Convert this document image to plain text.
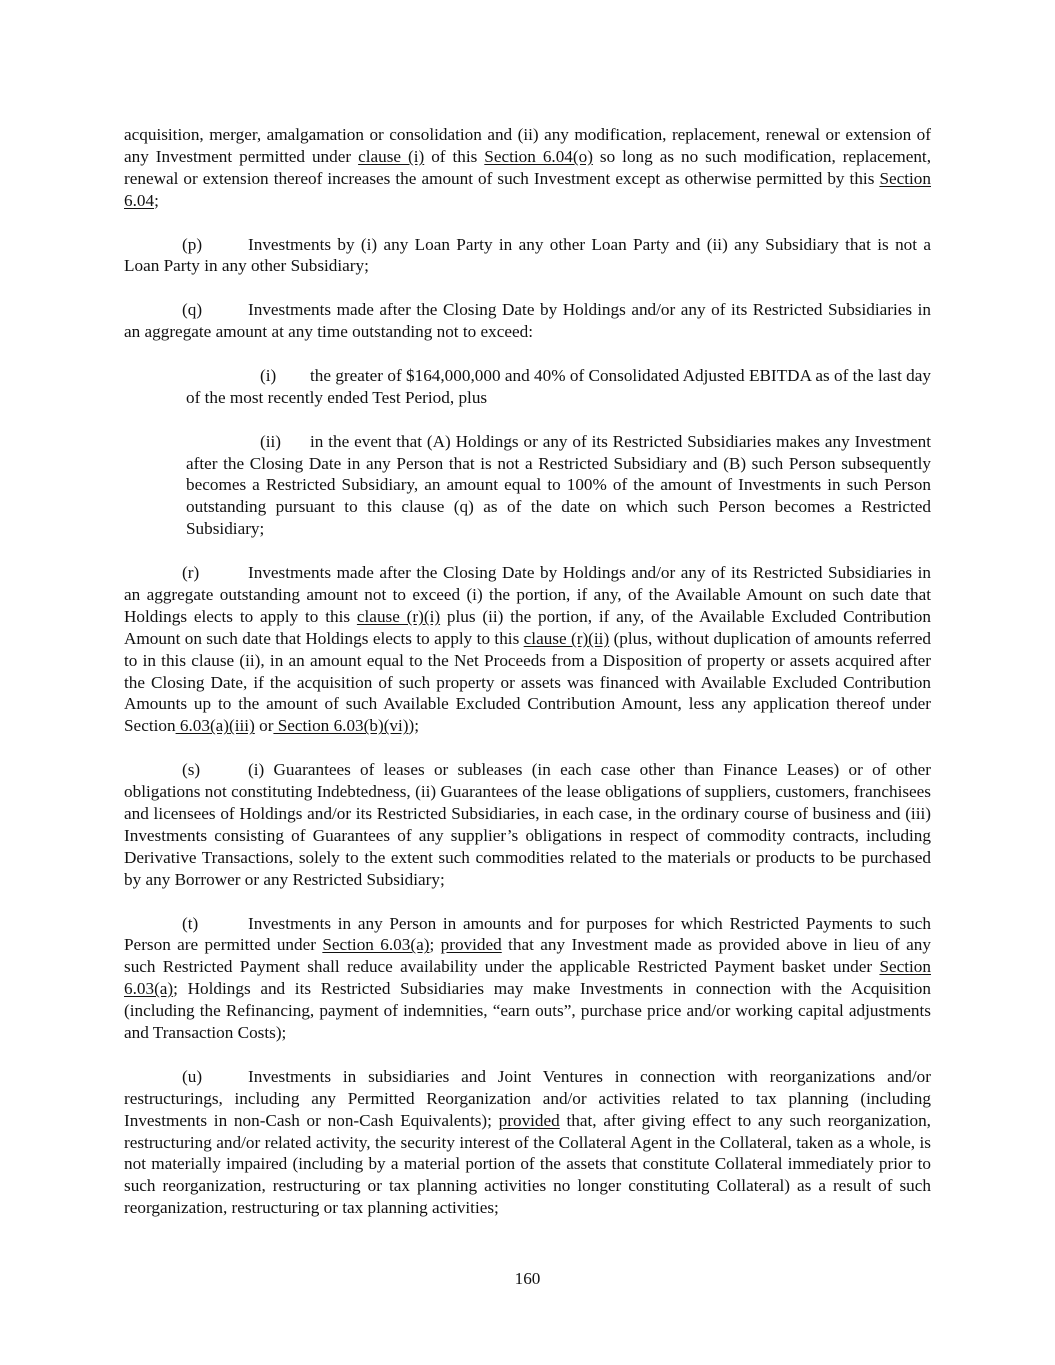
acquisition, merger, amalgamation or consolidation and (ii) any modification, replacement, renewal or extension of any Investment permitted under clause (i) of this Section 6.04(o) so long as no such modification, replacement, renewal or extension thereof increases the amount of such Investment except as otherwise permitted by this Section 6.04;

(p)	Investments by (i) any Loan Party in any other Loan Party and (ii) any Subsidiary that is not a Loan Party in any other Subsidiary;

(q)	Investments made after the Closing Date by Holdings and/or any of its Restricted Subsidiaries in an aggregate amount at any time outstanding not to exceed:

(i) the greater of $164,000,000 and 40% of Consolidated Adjusted EBITDA as of the last day of the most recently ended Test Period, plus

(ii) in the event that (A) Holdings or any of its Restricted Subsidiaries makes any Investment after the Closing Date in any Person that is not a Restricted Subsidiary and (B) such Person subsequently becomes a Restricted Subsidiary, an amount equal to 100% of the amount of Investments in such Person outstanding pursuant to this clause (q) as of the date on which such Person becomes a Restricted Subsidiary;

(r)	Investments made after the Closing Date by Holdings and/or any of its Restricted Subsidiaries in an aggregate outstanding amount not to exceed (i) the portion, if any, of the Available Amount on such date that Holdings elects to apply to this clause (r)(i) plus (ii) the portion, if any, of the Available Excluded Contribution Amount on such date that Holdings elects to apply to this clause (r)(ii) (plus, without duplication of amounts referred to in this clause (ii), in an amount equal to the Net Proceeds from a Disposition of property or assets acquired after the Closing Date, if the acquisition of such property or assets was financed with Available Excluded Contribution Amounts up to the amount of such Available Excluded Contribution Amount, less any application thereof under Section 6.03(a)(iii) or Section 6.03(b)(vi));

(s)	(i) Guarantees of leases or subleases (in each case other than Finance Leases) or of other obligations not constituting Indebtedness, (ii) Guarantees of the lease obligations of suppliers, customers, franchisees and licensees of Holdings and/or its Restricted Subsidiaries, in each case, in the ordinary course of business and (iii) Investments consisting of Guarantees of any supplier’s obligations in respect of commodity contracts, including Derivative Transactions, solely to the extent such commodities related to the materials or products to be purchased by any Borrower or any Restricted Subsidiary;

(t)	Investments in any Person in amounts and for purposes for which Restricted Payments to such Person are permitted under Section 6.03(a); provided that any Investment made as provided above in lieu of any such Restricted Payment shall reduce availability under the applicable Restricted Payment basket under Section 6.03(a); Holdings and its Restricted Subsidiaries may make Investments in connection with the Acquisition (including the Refinancing, payment of indemnities, “earn outs”, purchase price and/or working capital adjustments and Transaction Costs);

(u)	Investments in subsidiaries and Joint Ventures in connection with reorganizations and/or restructurings, including any Permitted Reorganization and/or activities related to tax planning (including Investments in non-Cash or non-Cash Equivalents); provided that, after giving effect to any such reorganization, restructuring and/or related activity, the security interest of the Collateral Agent in the Collateral, taken as a whole, is not materially impaired (including by a material portion of the assets that constitute Collateral immediately prior to such reorganization, restructuring or tax planning activities no longer constituting Collateral) as a result of such reorganization, restructuring or tax planning activities;

160
